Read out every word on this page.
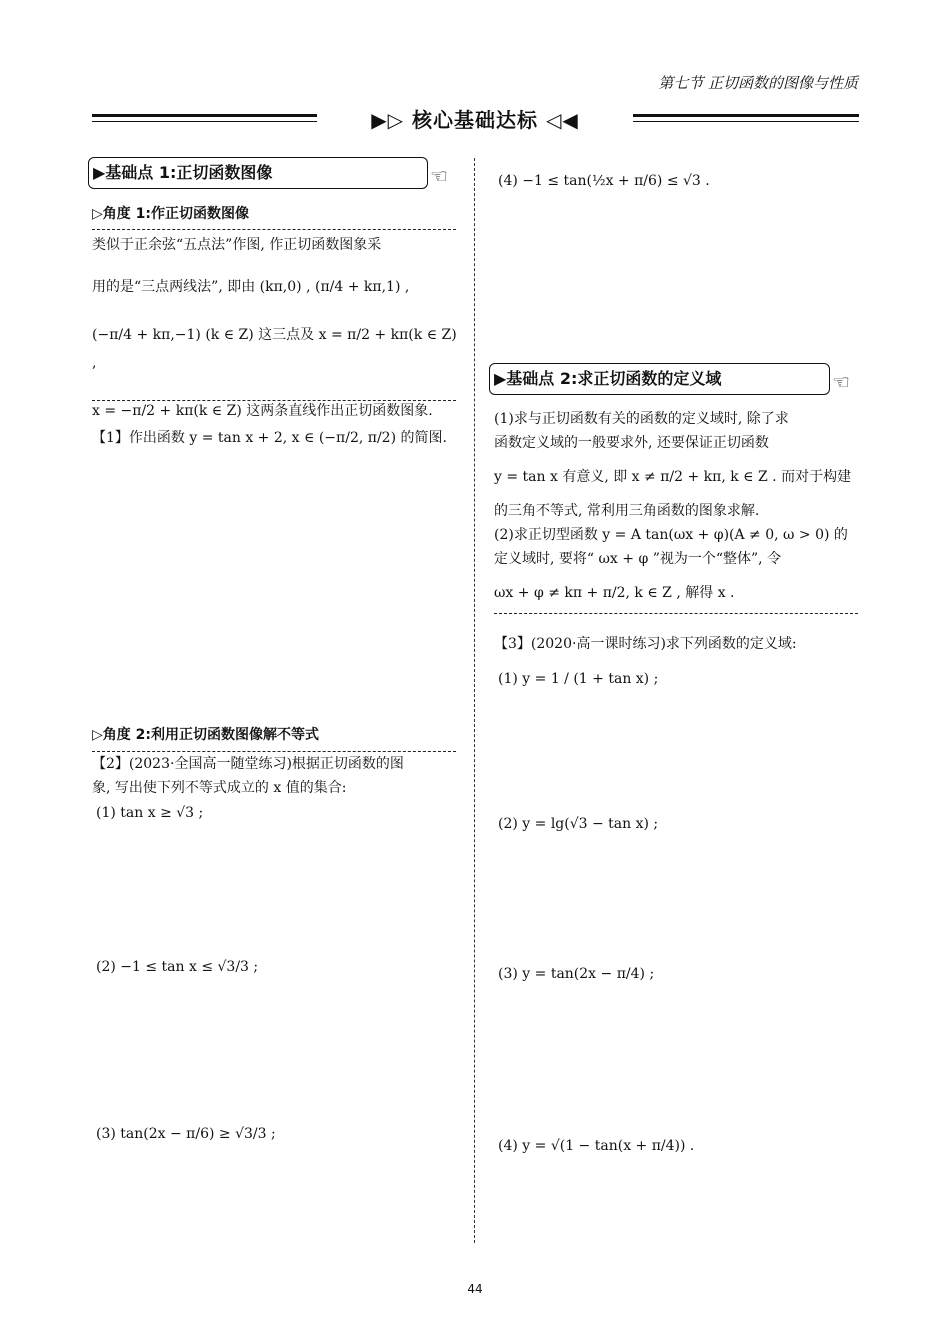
第七节 正切函数的图像与性质
▶▷ 核心基础达标 ◁◀
▶基础点 1:正切函数图像	☜
▷角度 1:作正切函数图像
类似于正余弦“五点法”作图, 作正切函数图象采
用的是“三点两线法”, 即由 (kπ,0) , (π/4 + kπ,1) ,
(−π/4 + kπ,−1) (k ∈ Z) 这三点及 x = π/2 + kπ(k ∈ Z) ,
x = −π/2 + kπ(k ∈ Z) 这两条直线作出正切函数图象.
【1】作出函数 y = tan x + 2, x ∈ (−π/2, π/2) 的简图.
▷角度 2:利用正切函数图像解不等式
【2】(2023·全国高一随堂练习)根据正切函数的图
象, 写出使下列不等式成立的 x 值的集合:
(1) tan x ≥ √3 ;
(2) −1 ≤ tan x ≤ √3/3 ;
(3) tan(2x − π/6) ≥ √3/3 ;
(4) −1 ≤ tan(½x + π/6) ≤ √3 .
▶基础点 2:求正切函数的定义域	☜
(1)求与正切函数有关的函数的定义域时, 除了求
函数定义域的一般要求外, 还要保证正切函数
y = tan x 有意义, 即 x ≠ π/2 + kπ, k ∈ Z . 而对于构建
的三角不等式, 常利用三角函数的图象求解.
(2)求正切型函数 y = A tan(ωx + φ)(A ≠ 0, ω > 0) 的
定义域时, 要将“ ωx + φ ”视为一个“整体”, 令
ωx + φ ≠ kπ + π/2, k ∈ Z , 解得 x .
【3】(2020·高一课时练习)求下列函数的定义域:
(1) y = 1 / (1 + tan x) ;
(2) y = lg(√3 − tan x) ;
(3) y = tan(2x − π/4) ;
(4) y = √(1 − tan(x + π/4)) .
44
